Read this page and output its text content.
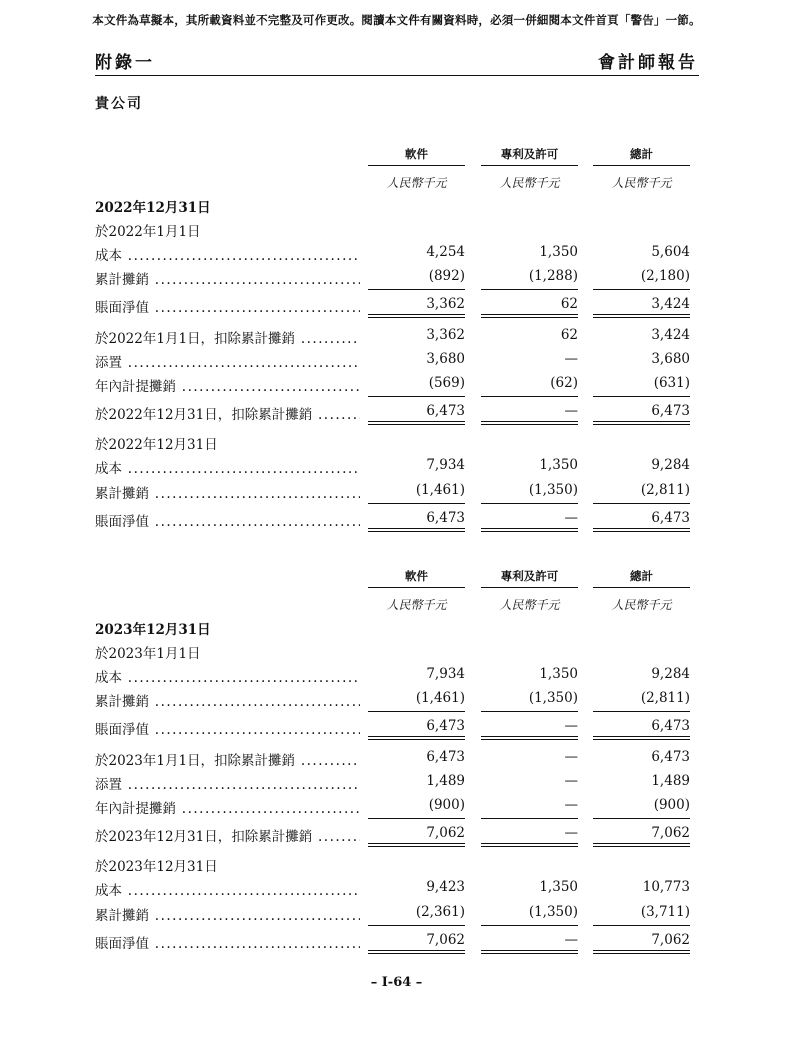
本文件為草擬本，其所載資料並不完整及可作更改。閱讀本文件有關資料時，必須一併細閱本文件首頁「警告」一節。
附錄一	會計師報告
貴公司
軟件	專利及許可	總計
人民幣千元	人民幣千元	人民幣千元
2022年12月31日
於2022年1月1日
成本 .....	4,254	1,350	5,604
累計攤銷 .....	(892)	(1,288)	(2,180)
賬面淨值 .....	3,362	62	3,424
於2022年1月1日，扣除累計攤銷 .....	3,362	62	3,424
添置 .....	3,680	—	3,680
年內計提攤銷 .....	(569)	(62)	(631)
於2022年12月31日，扣除累計攤銷 .....	6,473	—	6,473
於2022年12月31日
成本 .....	7,934	1,350	9,284
累計攤銷 .....	(1,461)	(1,350)	(2,811)
賬面淨值 .....	6,473	—	6,473
軟件	專利及許可	總計
人民幣千元	人民幣千元	人民幣千元
2023年12月31日
於2023年1月1日
成本 .....	7,934	1,350	9,284
累計攤銷 .....	(1,461)	(1,350)	(2,811)
賬面淨值 .....	6,473	—	6,473
於2023年1月1日，扣除累計攤銷 .....	6,473	—	6,473
添置 .....	1,489	—	1,489
年內計提攤銷 .....	(900)	—	(900)
於2023年12月31日，扣除累計攤銷 .....	7,062	—	7,062
於2023年12月31日
成本 .....	9,423	1,350	10,773
累計攤銷 .....	(2,361)	(1,350)	(3,711)
賬面淨值 .....	7,062	—	7,062
– I-64 –
